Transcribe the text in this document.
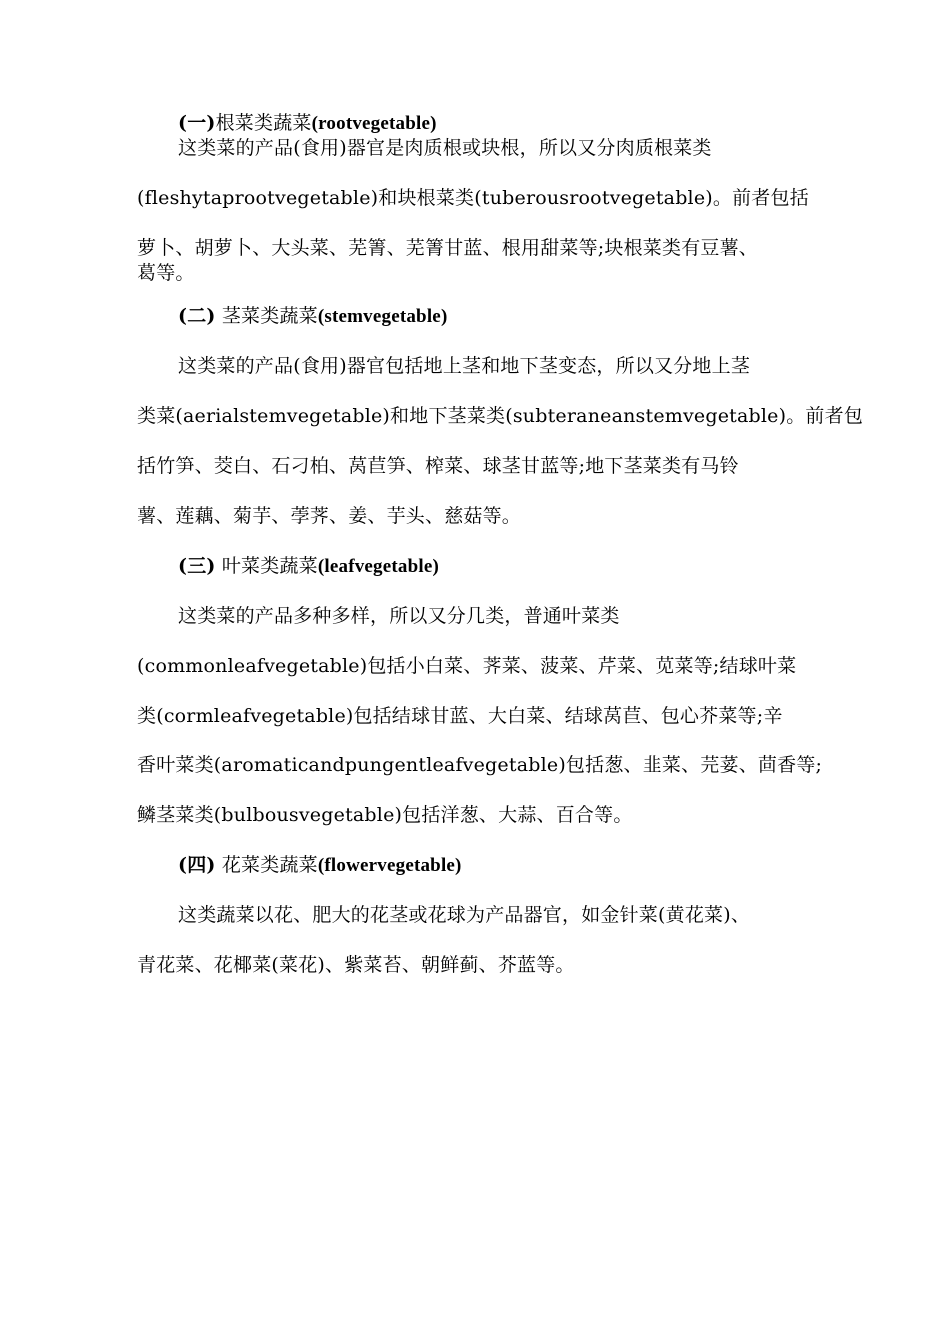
(一)根菜类蔬菜(rootvegetable)
这类菜的产品(食用)器官是肉质根或块根，所以又分肉质根菜类
(fleshytaprootvegetable)和块根菜类(tuberousrootvegetable)。前者包括
萝卜、胡萝卜、大头菜、芜箐、芜箐甘蓝、根用甜菜等;块根菜类有豆薯、
葛等。
(二) 茎菜类蔬菜(stemvegetable)
这类菜的产品(食用)器官包括地上茎和地下茎变态，所以又分地上茎
类菜(aerialstemvegetable)和地下茎菜类(subteraneanstemvegetable)。前者包
括竹笋、茭白、石刁柏、莴苣笋、榨菜、球茎甘蓝等;地下茎菜类有马铃
薯、莲藕、菊芋、荸荠、姜、芋头、慈菇等。
(三) 叶菜类蔬菜(leafvegetable)
这类菜的产品多种多样，所以又分几类，普通叶菜类
(commonleafvegetable)包括小白菜、荠菜、菠菜、芹菜、苋菜等;结球叶菜
类(cormleafvegetable)包括结球甘蓝、大白菜、结球莴苣、包心芥菜等;辛
香叶菜类(aromaticandpungentleafvegetable)包括葱、韭菜、芫荽、茴香等;
鳞茎菜类(bulbousvegetable)包括洋葱、大蒜、百合等。
(四) 花菜类蔬菜(flowervegetable)
这类蔬菜以花、肥大的花茎或花球为产品器官，如金针菜(黄花菜)、
青花菜、花椰菜(菜花)、紫菜苔、朝鲜蓟、芥蓝等。
